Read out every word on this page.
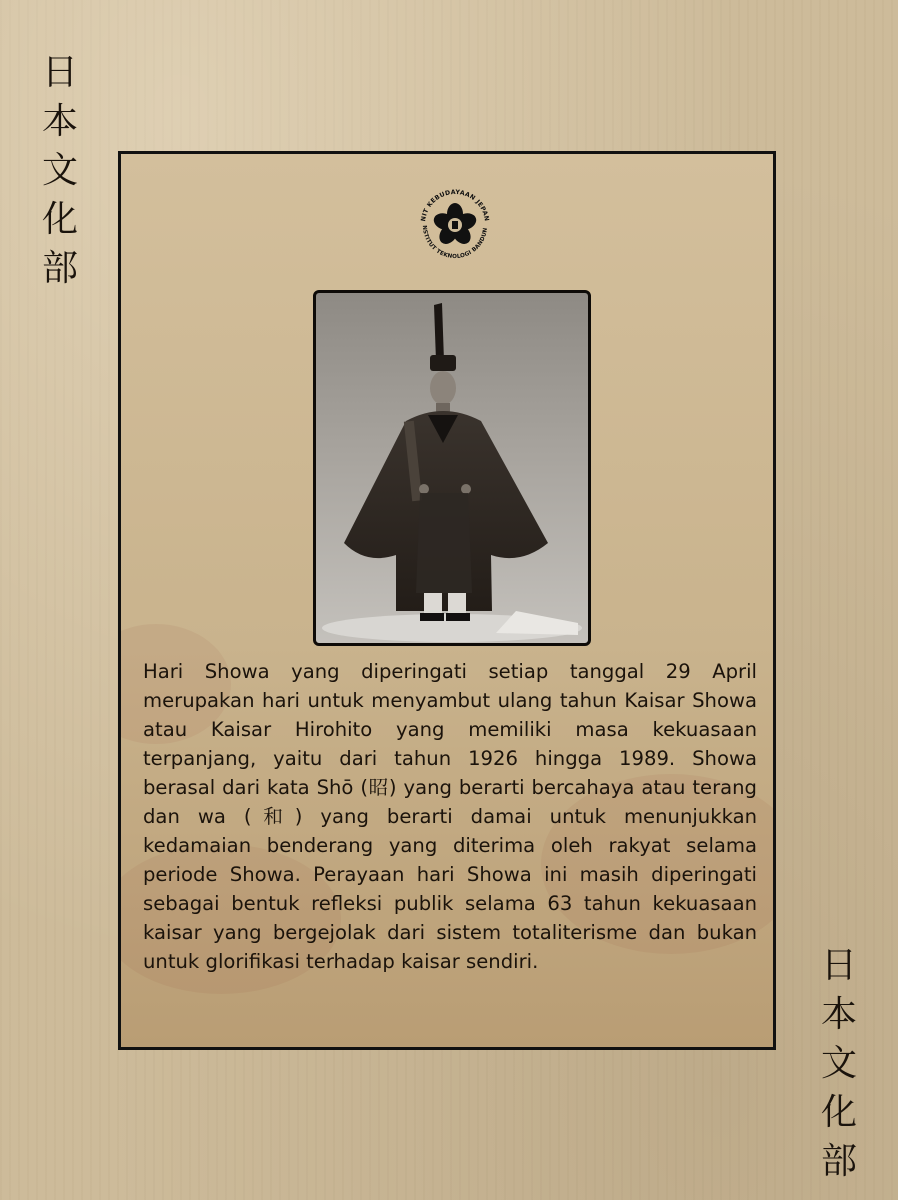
日
本
文
化
部
日
本
文
化
部
NIT KEBUDAYAAN JEPAN
NSTITUT TEKNOLOGI BANDUN

Hari Showa yang diperingati setiap tanggal 29 April merupakan hari untuk menyambut ulang tahun Kaisar Showa atau Kaisar Hirohito yang memiliki masa kekuasaan terpanjang, yaitu dari tahun 1926 hingga 1989. Showa berasal dari kata Shō (昭) yang berarti bercahaya atau terang dan wa (和) yang berarti damai untuk menunjukkan kedamaian benderang yang diterima oleh rakyat selama periode Showa. Perayaan hari Showa ini masih diperingati sebagai bentuk refleksi publik selama 63 tahun kekuasaan kaisar yang bergejolak dari sistem totaliterisme dan bukan untuk glorifikasi terhadap kaisar sendiri.
